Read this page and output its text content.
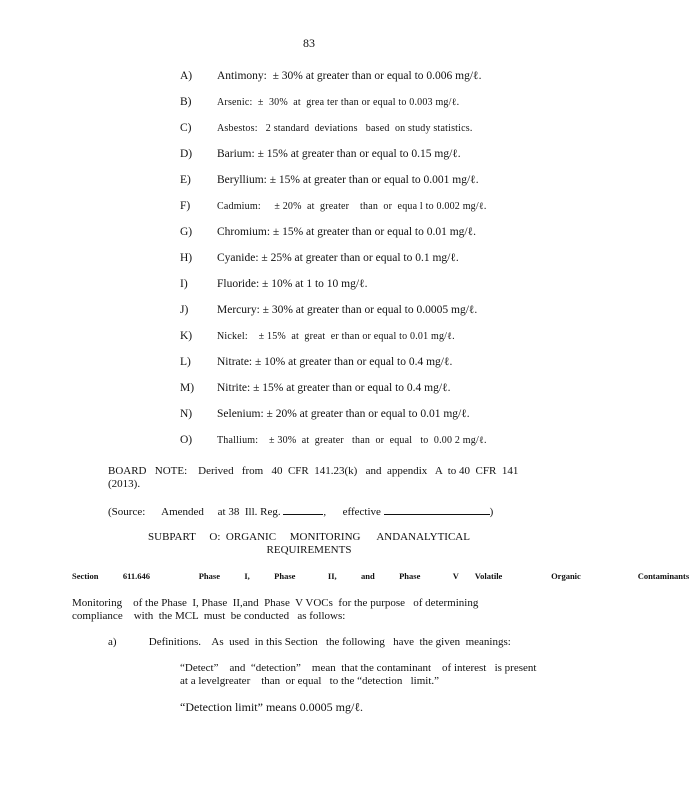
83
A) Antimony:  ± 30% at greater than or equal to 0.006 mg/ℓ.
B)	Arsenic:  ±  30%  at  grea ter than or equal to 0.003 mg/ℓ.
C)	Asbestos:   2 standard  deviations   based  on study statistics.
D) Barium: ± 15% at greater than or equal to 0.15 mg/ℓ.
E) Beryllium: ± 15% at greater than or equal to 0.001 mg/ℓ.
F)	Cadmium:     ± 20%  at  greater    than  or  equa l to 0.002 mg/ℓ.
G) Chromium: ± 15% at greater than or equal to 0.01 mg/ℓ.
H) Cyanide: ± 25% at greater than or equal to 0.1 mg/ℓ.
I)	Fluoride: ± 10% at 1 to 10 mg/ℓ.
J) Mercury: ± 30% at greater than or equal to 0.0005 mg/ℓ.
K) Nickel:    ± 15%  at  great  er than or equal to 0.01 mg/ℓ.
L) Nitrate: ± 10% at greater than or equal to 0.4 mg/ℓ.
M) Nitrite: ± 15% at greater than or equal to 0.4 mg/ℓ.
N) Selenium: ± 20% at greater than or equal to 0.01 mg/ℓ.
O) Thallium:    ± 30%  at  greater   than  or  equal   to  0.00 2 mg/ℓ.
BOARD   NOTE:    Derived   from   40  CFR  141.23(k)   and  appendix   A  to 40  CFR  141
(2013).
(Source:      Amended     at 38  Ill. Reg.	,      effective	)
SUBPART     O:  ORGANIC     MONITORING      ANDANALYTICAL
REQUIREMENTS
Section   611.646      Phase   I,   Phase    II,   and   Phase    V  Volatile      Organic       Contaminants
Monitoring    of the Phase  I, Phase  II,and  Phase  V VOCs  for the purpose   of determining
compliance    with  the MCL  must  be conducted   as follows:
a)	Definitions.    As  used  in this Section   the following   have  the given  meanings:
“Detect”    and  “detection”    mean  that the contaminant    of interest   is present
at a levelgreater    than  or equal   to the “detection   limit.”
“Detection limit” means 0.0005 mg/ℓ.
